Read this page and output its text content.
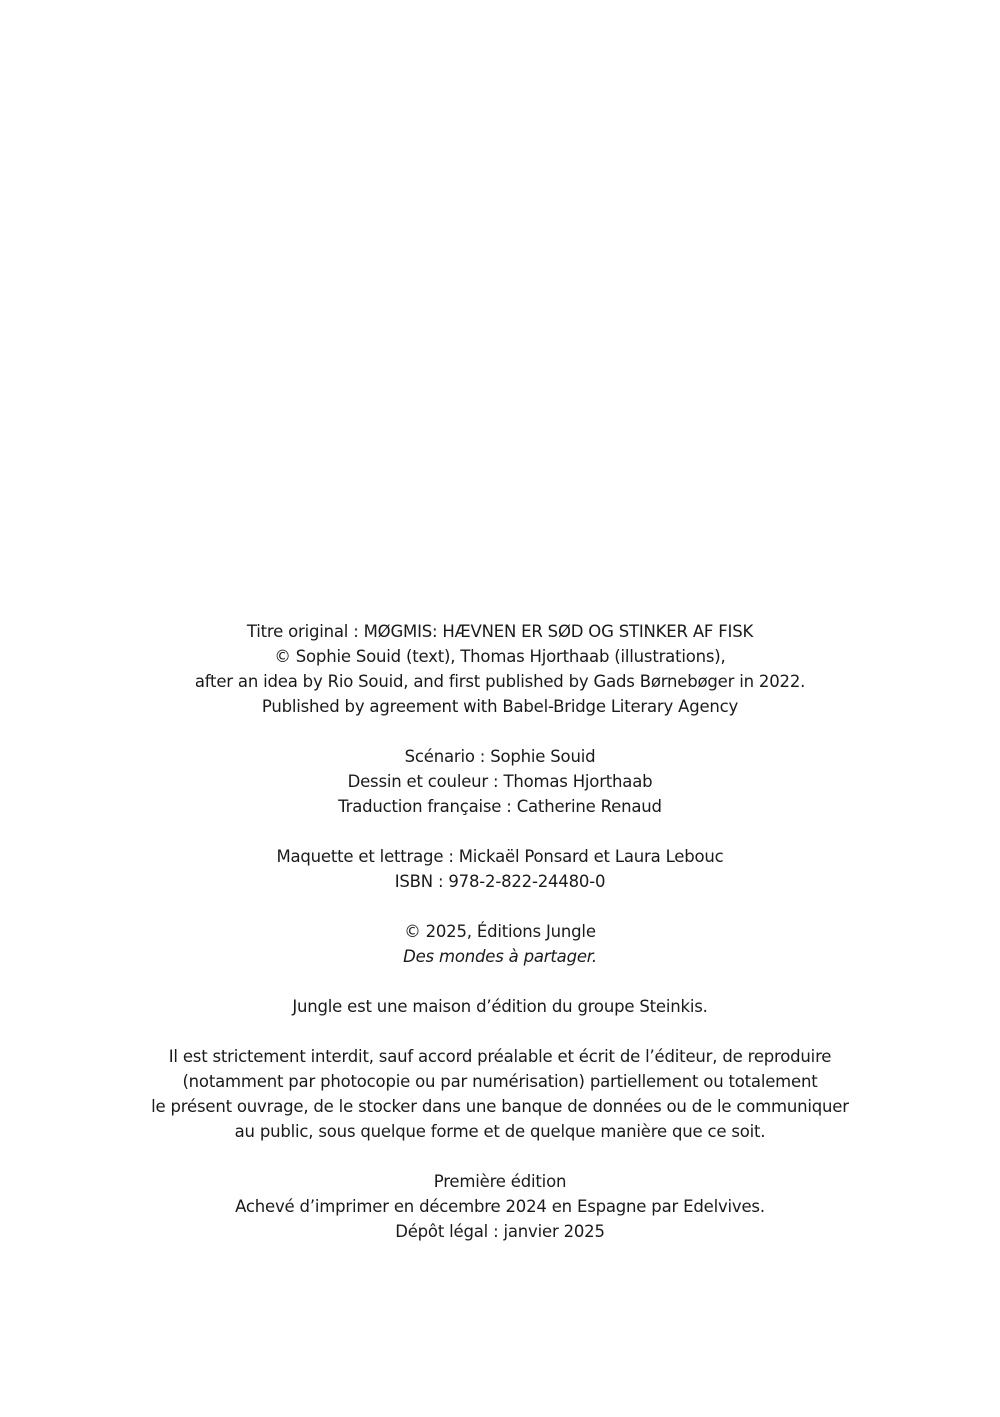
Titre original : MØGMIS: HÆVNEN ER SØD OG STINKER AF FISK
© Sophie Souid (text), Thomas Hjorthaab (illustrations),
after an idea by Rio Souid, and first published by Gads Børnebøger in 2022.
Published by agreement with Babel-Bridge Literary Agency
Scénario : Sophie Souid
Dessin et couleur : Thomas Hjorthaab
Traduction française : Catherine Renaud
Maquette et lettrage : Mickaël Ponsard et Laura Lebouc
ISBN : 978-2-822-24480-0
© 2025, Éditions Jungle
Des mondes à partager.
Jungle est une maison d’édition du groupe Steinkis.
Il est strictement interdit, sauf accord préalable et écrit de l’éditeur, de reproduire
(notamment par photocopie ou par numérisation) partiellement ou totalement
le présent ouvrage, de le stocker dans une banque de données ou de le communiquer
au public, sous quelque forme et de quelque manière que ce soit.
Première édition
Achevé d’imprimer en décembre 2024 en Espagne par Edelvives.
Dépôt légal : janvier 2025
